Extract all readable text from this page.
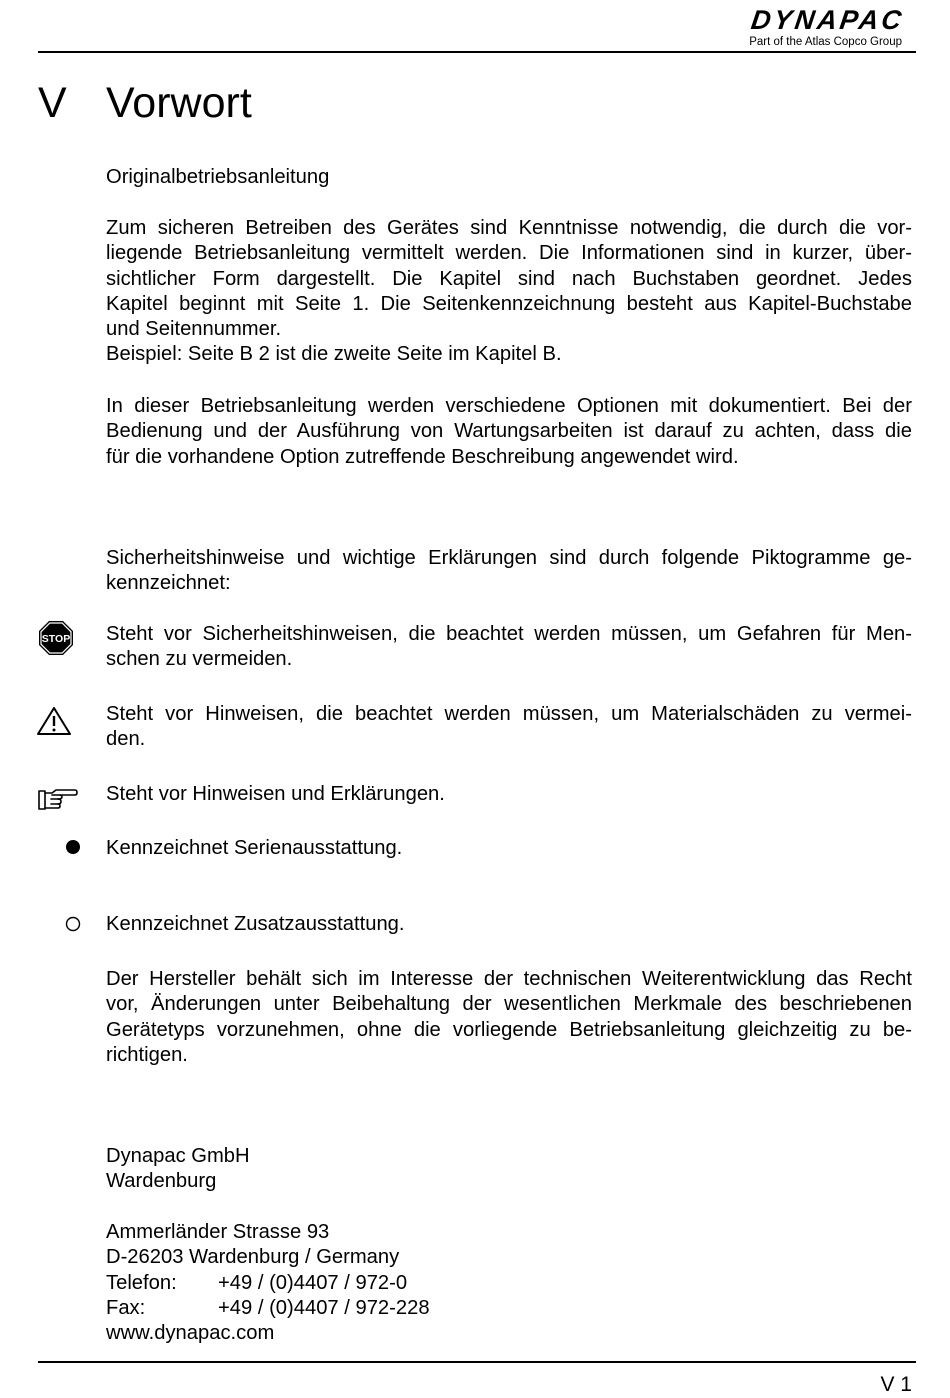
DYNAPAC
Part of the Atlas Copco Group
V Vorwort

Originalbetriebsanleitung

Zum sicheren Betreiben des Gerätes sind Kenntnisse notwendig, die durch die vor-
liegende Betriebsanleitung vermittelt werden. Die Informationen sind in kurzer, über-
sichtlicher Form dargestellt. Die Kapitel sind nach Buchstaben geordnet. Jedes
Kapitel beginnt mit Seite 1. Die Seitenkennzeichnung besteht aus Kapitel-Buchstabe
und Seitennummer.
Beispiel: Seite B 2 ist die zweite Seite im Kapitel B.

In dieser Betriebsanleitung werden verschiedene Optionen mit dokumentiert. Bei der
Bedienung und der Ausführung von Wartungsarbeiten ist darauf zu achten, dass die
für die vorhandene Option zutreffende Beschreibung angewendet wird.

Sicherheitshinweise und wichtige Erklärungen sind durch folgende Piktogramme ge-
kennzeichnet:

STOP Steht vor Sicherheitshinweisen, die beachtet werden müssen, um Gefahren für Men-
schen zu vermeiden.

Steht vor Hinweisen, die beachtet werden müssen, um Materialschäden zu vermei-
den.

Steht vor Hinweisen und Erklärungen.

Kennzeichnet Serienausstattung.

Kennzeichnet Zusatzausstattung.

Der Hersteller behält sich im Interesse der technischen Weiterentwicklung das Recht
vor, Änderungen unter Beibehaltung der wesentlichen Merkmale des beschriebenen
Gerätetyps vorzunehmen, ohne die vorliegende Betriebsanleitung gleichzeitig zu be-
richtigen.

Dynapac GmbH
Wardenburg

Ammerländer Strasse 93
D-26203 Wardenburg / Germany
Telefon: +49 / (0)4407 / 972-0
Fax:	+49 / (0)4407 / 972-228
www.dynapac.com
V 1
